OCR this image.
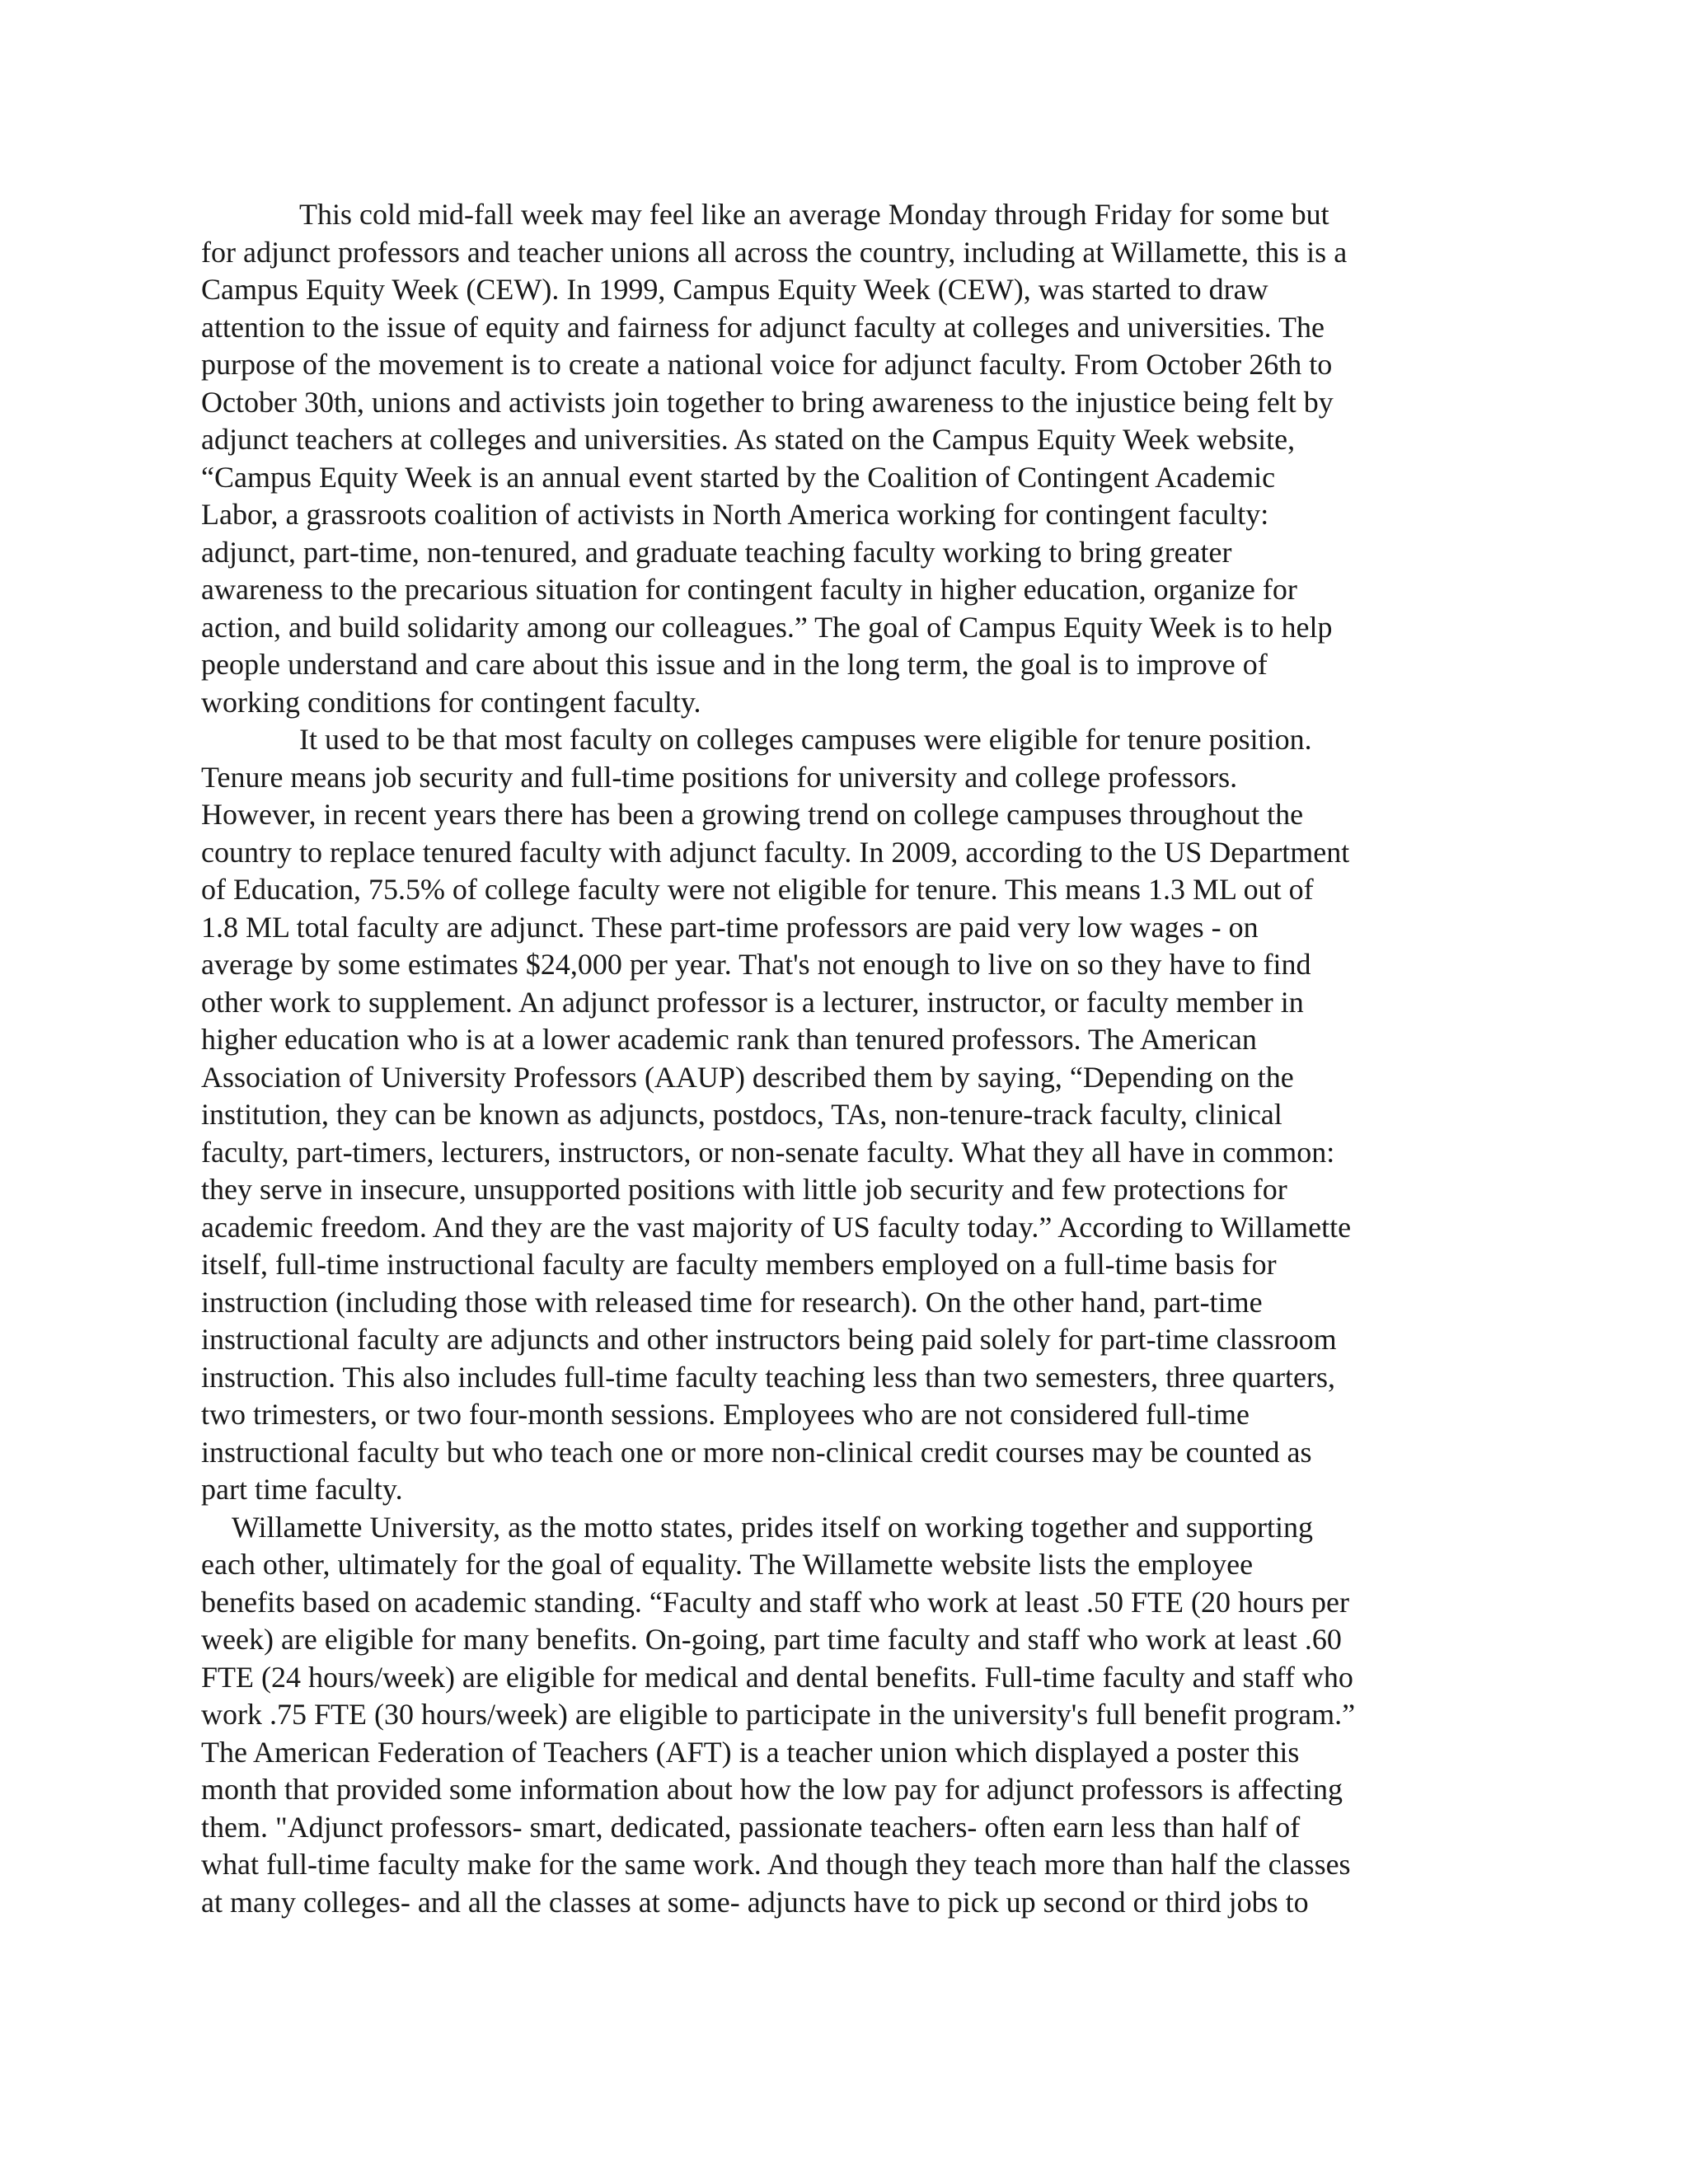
This cold mid-fall week may feel like an average Monday through Friday for some but
for adjunct professors and teacher unions all across the country, including at Willamette, this is a
Campus Equity Week (CEW). In 1999, Campus Equity Week (CEW), was started to draw
attention to the issue of equity and fairness for adjunct faculty at colleges and universities. The
purpose of the movement is to create a national voice for adjunct faculty. From October 26th to
October 30th, unions and activists join together to bring awareness to the injustice being felt by
adjunct teachers at colleges and universities. As stated on the Campus Equity Week website,
“Campus Equity Week is an annual event started by the Coalition of Contingent Academic
Labor, a grassroots coalition of activists in North America working for contingent faculty:
adjunct, part-time, non-tenured, and graduate teaching faculty working to bring greater
awareness to the precarious situation for contingent faculty in higher education, organize for
action, and build solidarity among our colleagues.” The goal of Campus Equity Week is to help
people understand and care about this issue and in the long term, the goal is to improve of
working conditions for contingent faculty.
It used to be that most faculty on colleges campuses were eligible for tenure position.
Tenure means job security and full-time positions for university and college professors.
However, in recent years there has been a growing trend on college campuses throughout the
country to replace tenured faculty with adjunct faculty. In 2009, according to the US Department
of Education, 75.5% of college faculty were not eligible for tenure. This means 1.3 ML out of
1.8 ML total faculty are adjunct. These part-time professors are paid very low wages - on
average by some estimates $24,000 per year. That's not enough to live on so they have to find
other work to supplement. An adjunct professor is a lecturer, instructor, or faculty member in
higher education who is at a lower academic rank than tenured professors. The American
Association of University Professors (AAUP) described them by saying, “Depending on the
institution, they can be known as adjuncts, postdocs, TAs, non-tenure-track faculty, clinical
faculty, part-timers, lecturers, instructors, or non-senate faculty. What they all have in common:
they serve in insecure, unsupported positions with little job security and few protections for
academic freedom. And they are the vast majority of US faculty today.” According to Willamette
itself, full-time instructional faculty are faculty members employed on a full-time basis for
instruction (including those with released time for research). On the other hand, part-time
instructional faculty are adjuncts and other instructors being paid solely for part-time classroom
instruction. This also includes full-time faculty teaching less than two semesters, three quarters,
two trimesters, or two four-month sessions. Employees who are not considered full-time
instructional faculty but who teach one or more non-clinical credit courses may be counted as
part time faculty.
Willamette University, as the motto states, prides itself on working together and supporting
each other, ultimately for the goal of equality. The Willamette website lists the employee
benefits based on academic standing. “Faculty and staff who work at least .50 FTE (20 hours per
week) are eligible for many benefits. On-going, part time faculty and staff who work at least .60
FTE (24 hours/week) are eligible for medical and dental benefits. Full-time faculty and staff who
work .75 FTE (30 hours/week) are eligible to participate in the university's full benefit program.”
The American Federation of Teachers (AFT) is a teacher union which displayed a poster this
month that provided some information about how the low pay for adjunct professors is affecting
them. "Adjunct professors- smart, dedicated, passionate teachers- often earn less than half of
what full-time faculty make for the same work. And though they teach more than half the classes
at many colleges- and all the classes at some- adjuncts have to pick up second or third jobs to
